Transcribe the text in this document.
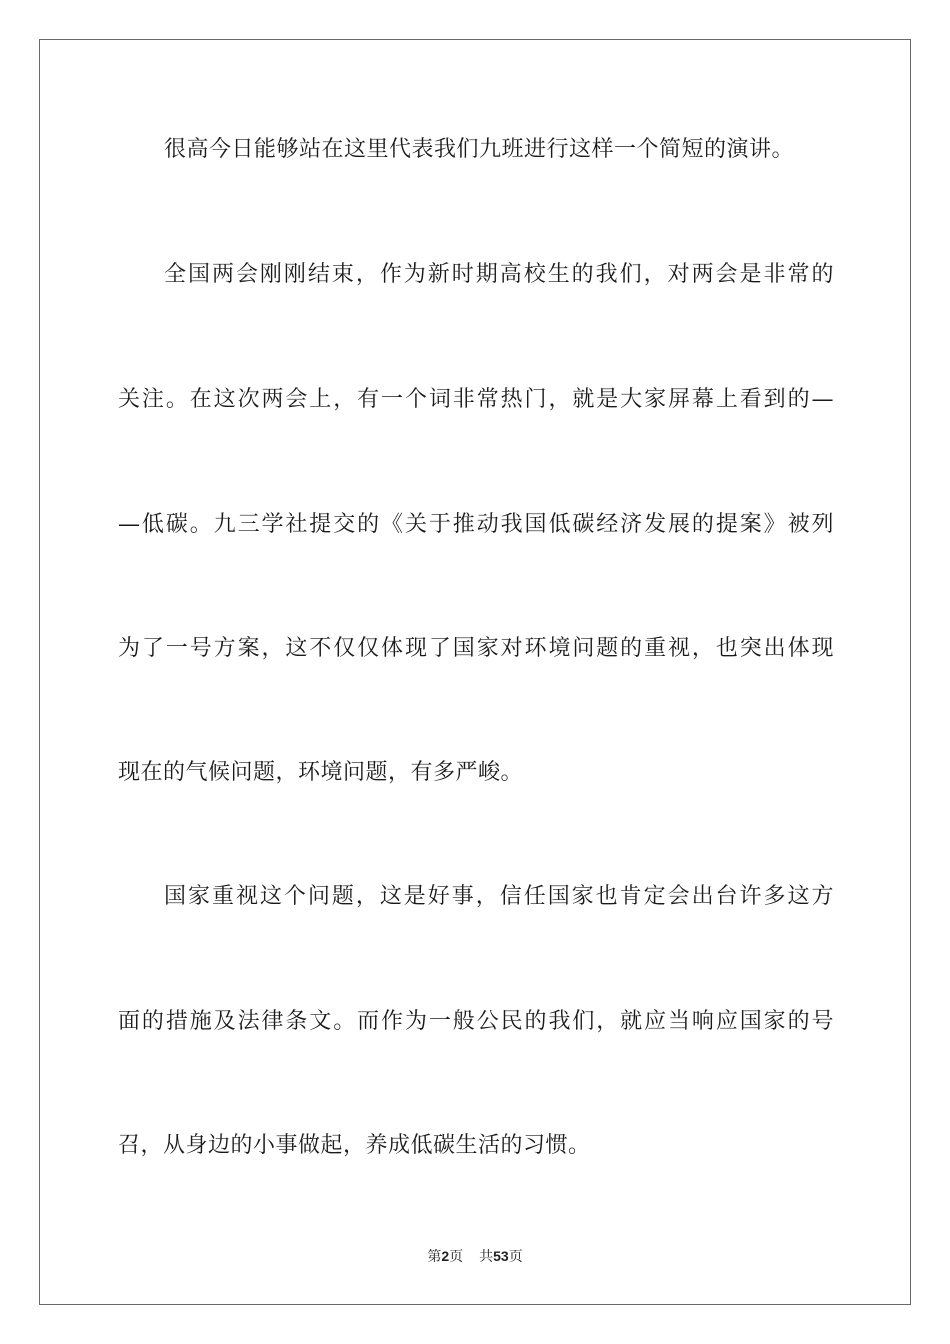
很高今日能够站在这里代表我们九班进行这样一个简短的演讲。
全国两会刚刚结束，作为新时期高校生的我们，对两会是非常的
关注。在这次两会上，有一个词非常热门，就是大家屏幕上看到的—
—低碳。九三学社提交的《关于推动我国低碳经济发展的提案》被列
为了一号方案，这不仅仅体现了国家对环境问题的重视，也突出体现
现在的气候问题，环境问题，有多严峻。
国家重视这个问题，这是好事，信任国家也肯定会出台许多这方
面的措施及法律条文。而作为一般公民的我们，就应当响应国家的号
召，从身边的小事做起，养成低碳生活的习惯。
第2页 共53页
